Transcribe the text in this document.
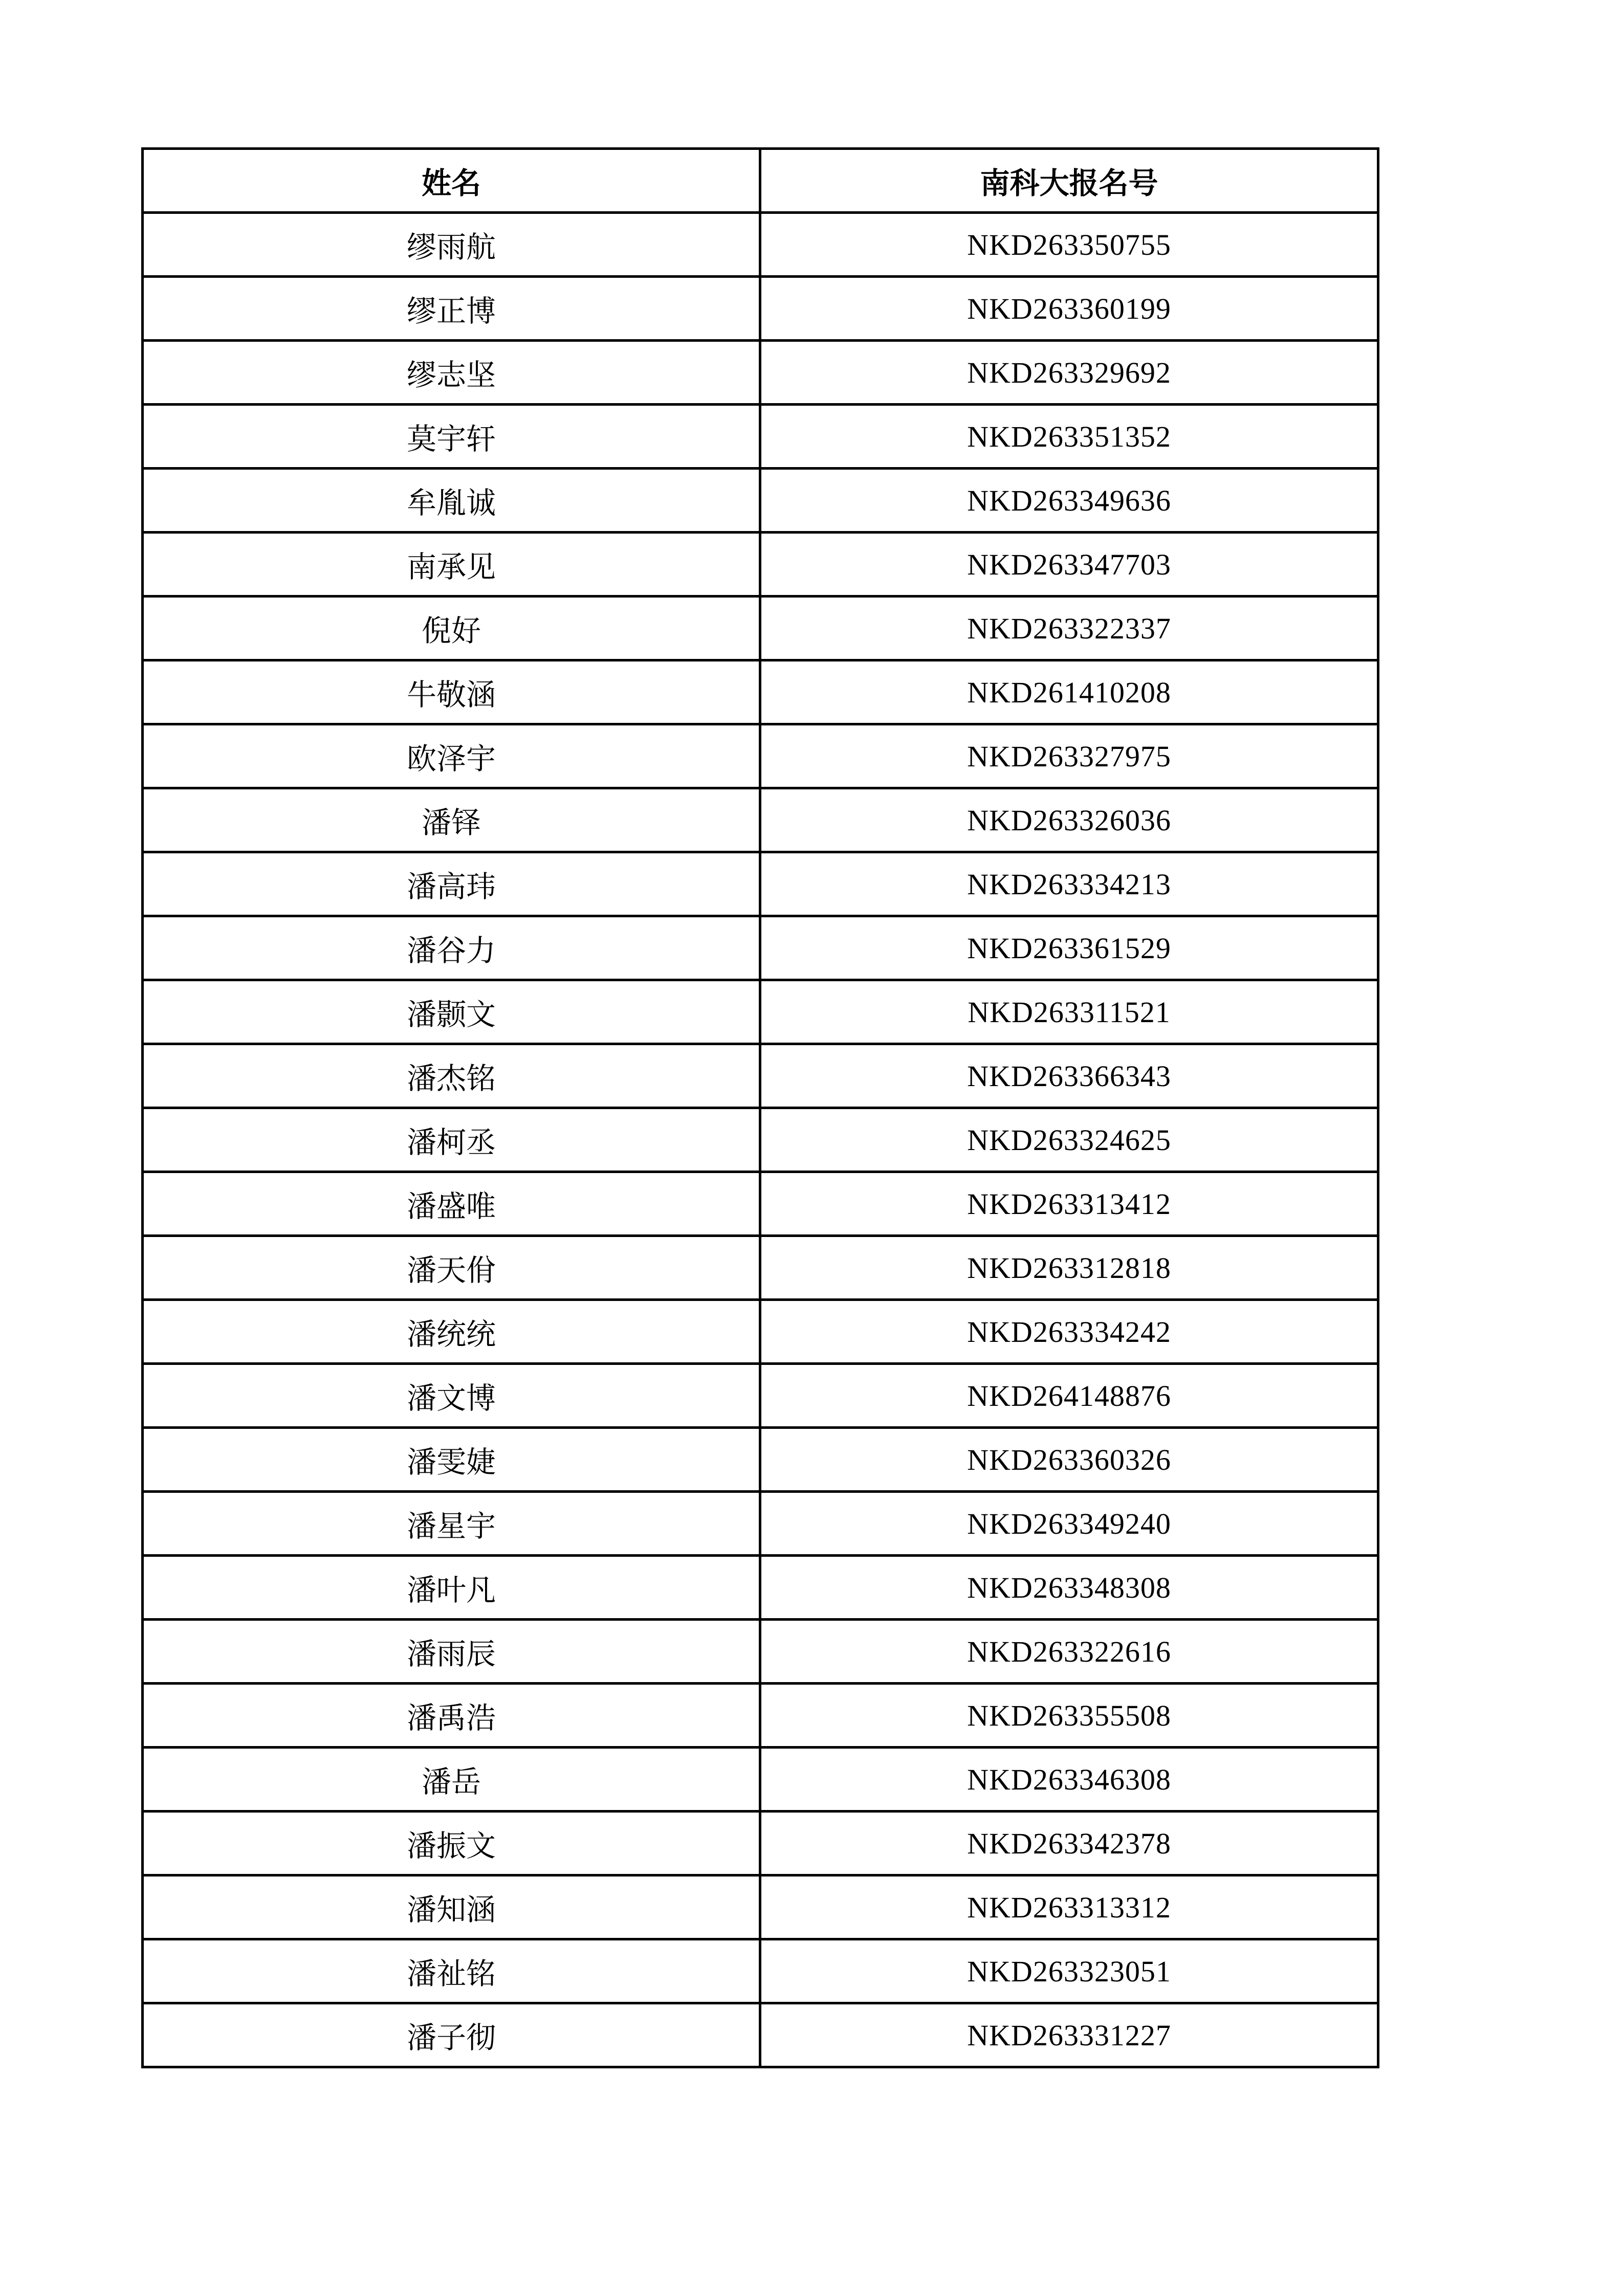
姓名	南科大报名号
缪雨航	NKD263350755
缪正博	NKD263360199
缪志坚	NKD263329692
莫宇轩	NKD263351352
牟胤诚	NKD263349636
南承见	NKD263347703
倪好	NKD263322337
牛敬涵	NKD261410208
欧泽宇	NKD263327975
潘铎	NKD263326036
潘高玮	NKD263334213
潘谷力	NKD263361529
潘颢文	NKD263311521
潘杰铭	NKD263366343
潘柯丞	NKD263324625
潘盛唯	NKD263313412
潘天佾	NKD263312818
潘统统	NKD263334242
潘文博	NKD264148876
潘雯婕	NKD263360326
潘星宇	NKD263349240
潘叶凡	NKD263348308
潘雨辰	NKD263322616
潘禹浩	NKD263355508
潘岳	NKD263346308
潘振文	NKD263342378
潘知涵	NKD263313312
潘祉铭	NKD263323051
潘子彻	NKD263331227
